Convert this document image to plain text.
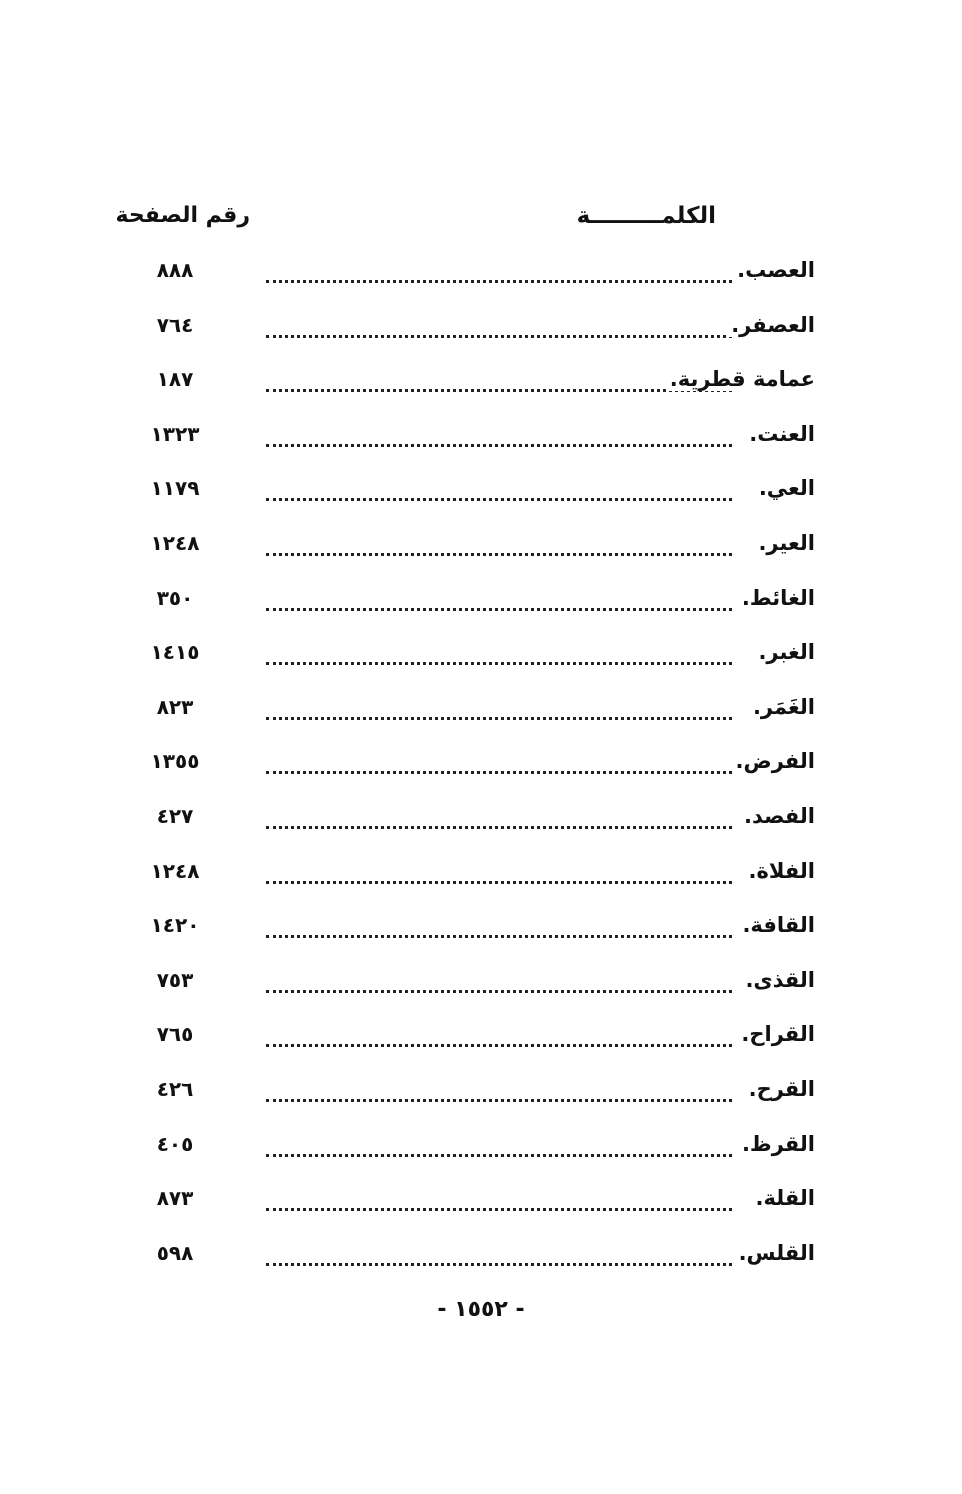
الكلمـــــــــة
رقم الصفحة
العصب.
٨٨٨
العصفر.
٧٦٤
عمامة قطرية.
١٨٧
العنت.
١٣٢٣
العي.
١١٧٩
العير.
١٢٤٨
الغائط.
٣٥٠
الغبر.
١٤١٥
الغَمَر.
٨٢٣
الفرض.
١٣٥٥
الفصد.
٤٢٧
الفلاة.
١٢٤٨
القافة.
١٤٢٠
القذى.
٧٥٣
القراح.
٧٦٥
القرح.
٤٢٦
القرظ.
٤٠٥
القلة.
٨٧٣
القلس.
٥٩٨
- ١٥٥٢ -
